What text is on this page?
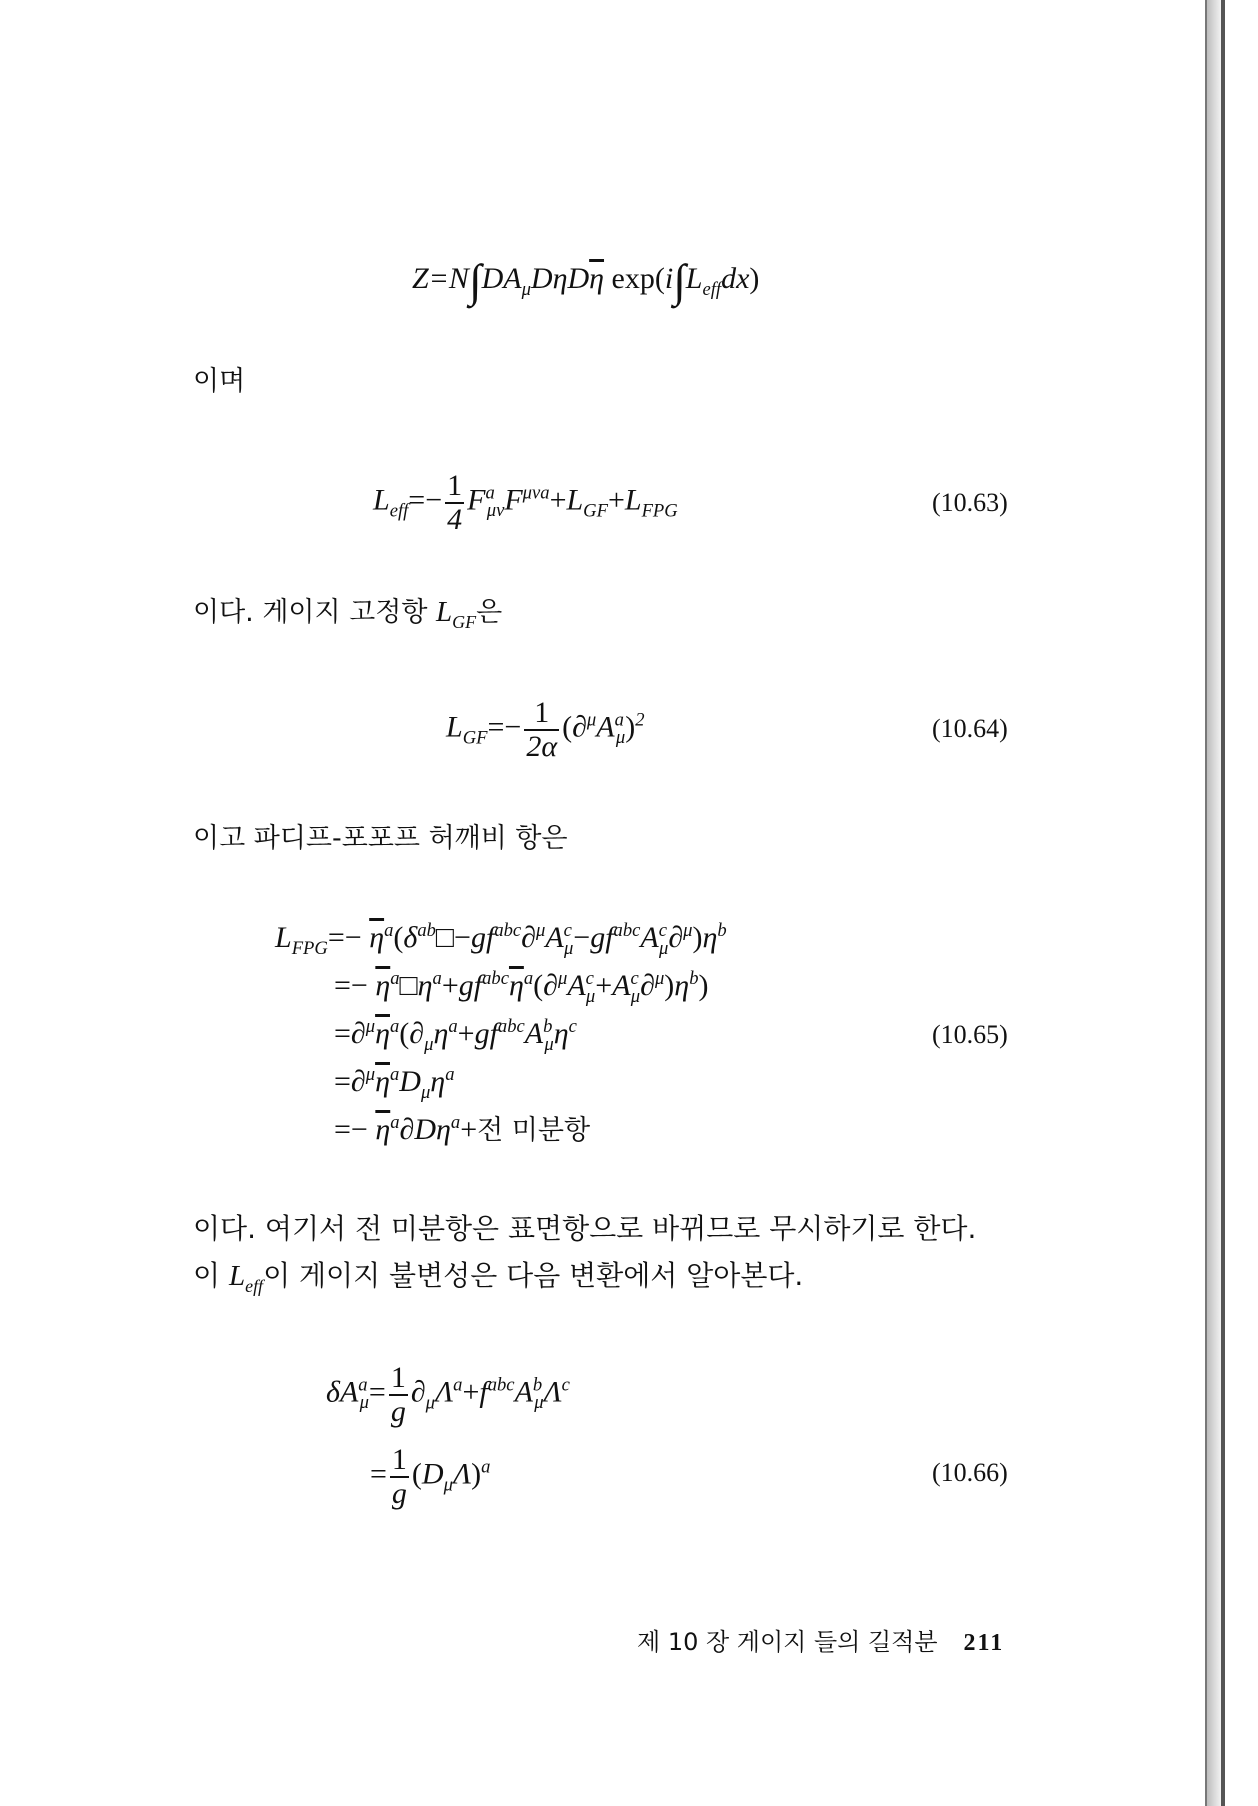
$Z=N\int DA_\mu D\eta D\overline{\eta}$ $\exp(i\int L_{eff}dx)$
이며
$L_{eff}=- \frac{1}{4} F^a_{\mu\nu}F^{\mu\nu a}+L_{GF}+L_{FPG}$	(10.63)
이다. 게이지 고정항 $L_{GF}$은
$L_{GF}=- \frac{1}{2\alpha} (\partial^\mu A^a_\mu)^2$	(10.64)
이고 파디프-포포프 허깨비 항은
$L_{FPG}=-$ $\overline{\eta}^a(\delta^{ab}□-gf^{abc}\partial^\mu A^c_\mu-gf^{abc}A^c_\mu\partial^\mu)\eta^b$
=− $\overline{\eta}^a□\eta^a+gf^{abc}\overline{\eta}^a(\partial^\mu A^c_\mu+A^c_\mu\partial^\mu)\eta^b$)
$=\partial^\mu\overline{\eta}^a(\partial_\mu\eta^a+gf^{abc}A^b_\mu\eta^c$	(10.65)
$=\partial^\mu\overline{\eta}^aD_\mu\eta^a$
=− $\overline{\eta}^a\partial D\eta^a+$전 미분항
이다. 여기서 전 미분항은 표면항으로 바뀌므로 무시하기로 한다.
이 $L_{eff}$이 게이지 불변성은 다음 변환에서 알아본다.
$\delta A^a_\mu= \frac{1}{g} \partial_\mu\Lambda^a+f^{abc}A^b_\mu\Lambda^c$
= $\frac{1}{g} (D_\mu\Lambda)^a$	(10.66)
제 10 장 게이지 들의 길적분 211
